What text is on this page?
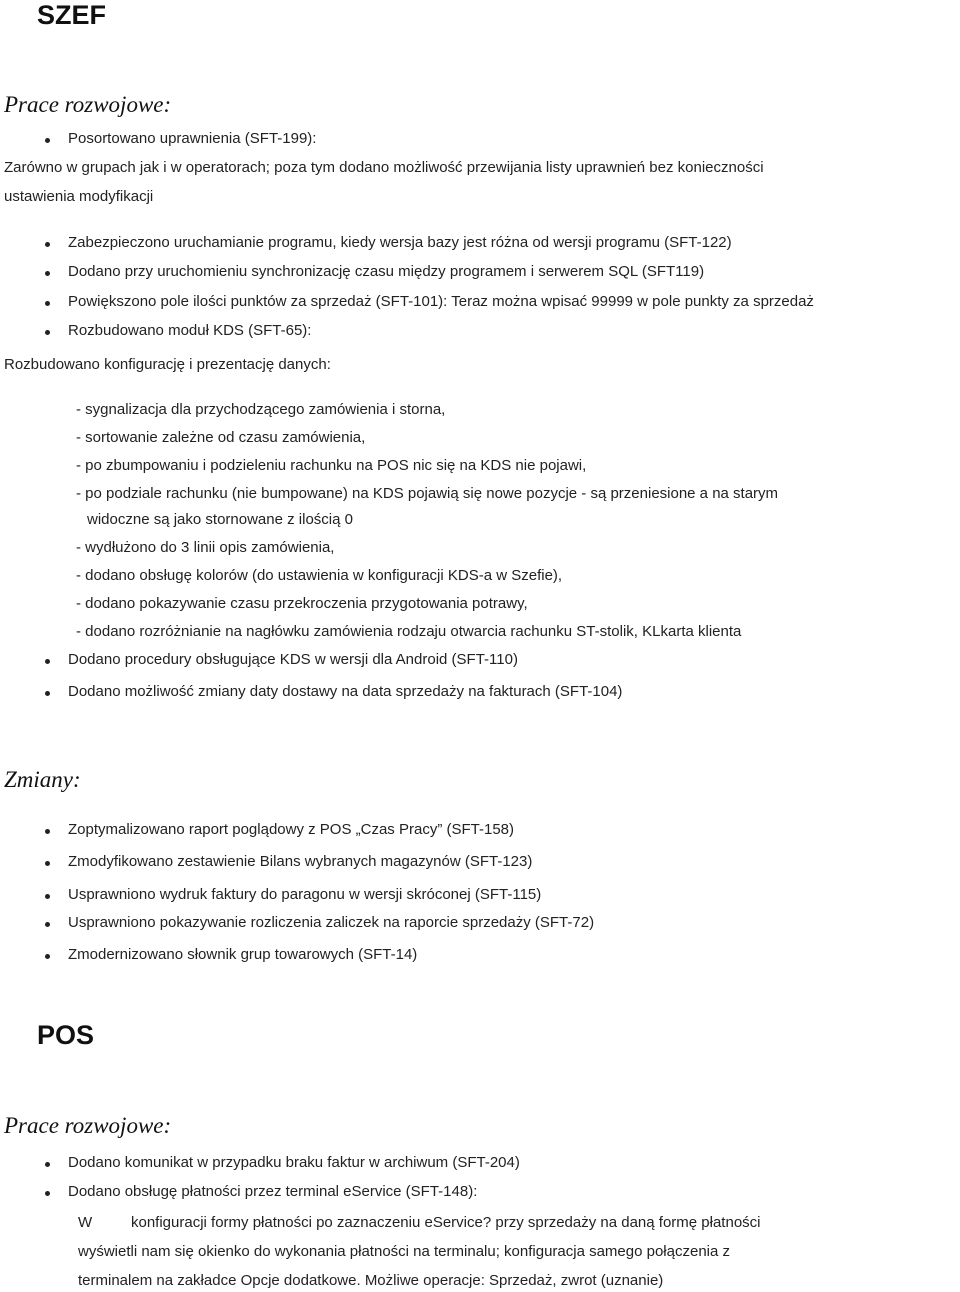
SZEF
Prace rozwojowe:
Posortowano uprawnienia (SFT-199):
Zarówno w grupach jak i w operatorach; poza tym dodano możliwość przewijania listy uprawnień bez konieczności
ustawienia modyfikacji
Zabezpieczono uruchamianie programu, kiedy wersja bazy jest różna od wersji programu (SFT-122)
Dodano przy uruchomieniu synchronizację czasu między programem i serwerem SQL (SFT119)
Powiększono pole ilości punktów za sprzedaż (SFT-101): Teraz można wpisać 99999 w pole punkty za sprzedaż
Rozbudowano moduł KDS (SFT-65):
Rozbudowano konfigurację i prezentację danych:
- sygnalizacja dla przychodzącego zamówienia i storna,
- sortowanie zależne od czasu zamówienia,
- po zbumpowaniu i podzieleniu rachunku na POS nic się na KDS nie pojawi,
- po podziale rachunku (nie bumpowane) na KDS pojawią się nowe pozycje - są przeniesione a na starym
widoczne są jako stornowane z ilością 0
- wydłużono do 3 linii opis zamówienia,
- dodano obsługę kolorów (do ustawienia w konfiguracji KDS-a w Szefie),
- dodano pokazywanie czasu przekroczenia przygotowania potrawy,
- dodano rozróżnianie na nagłówku zamówienia rodzaju otwarcia rachunku ST-stolik, KLkarta klienta
Dodano procedury obsługujące KDS w wersji dla Android (SFT-110)
Dodano możliwość zmiany daty dostawy na data sprzedaży na fakturach (SFT-104)
Zmiany:
Zoptymalizowano raport poglądowy z POS „Czas Pracy” (SFT-158)
Zmodyfikowano zestawienie Bilans wybranych magazynów (SFT-123)
Usprawniono wydruk faktury do paragonu w wersji skróconej (SFT-115)
Usprawniono pokazywanie rozliczenia zaliczek na raporcie sprzedaży (SFT-72)
Zmodernizowano słownik grup towarowych (SFT-14)
POS
Prace rozwojowe:
Dodano komunikat w przypadku braku faktur w archiwum (SFT-204)
Dodano obsługę płatności przez terminal eService (SFT-148):
W	konfiguracji formy płatności po zaznaczeniu eService? przy sprzedaży na daną formę płatności
wyświetli nam się okienko do wykonania płatności na terminalu; konfiguracja samego połączenia z
terminalem na zakładce Opcje dodatkowe. Możliwe operacje: Sprzedaż, zwrot (uznanie)
